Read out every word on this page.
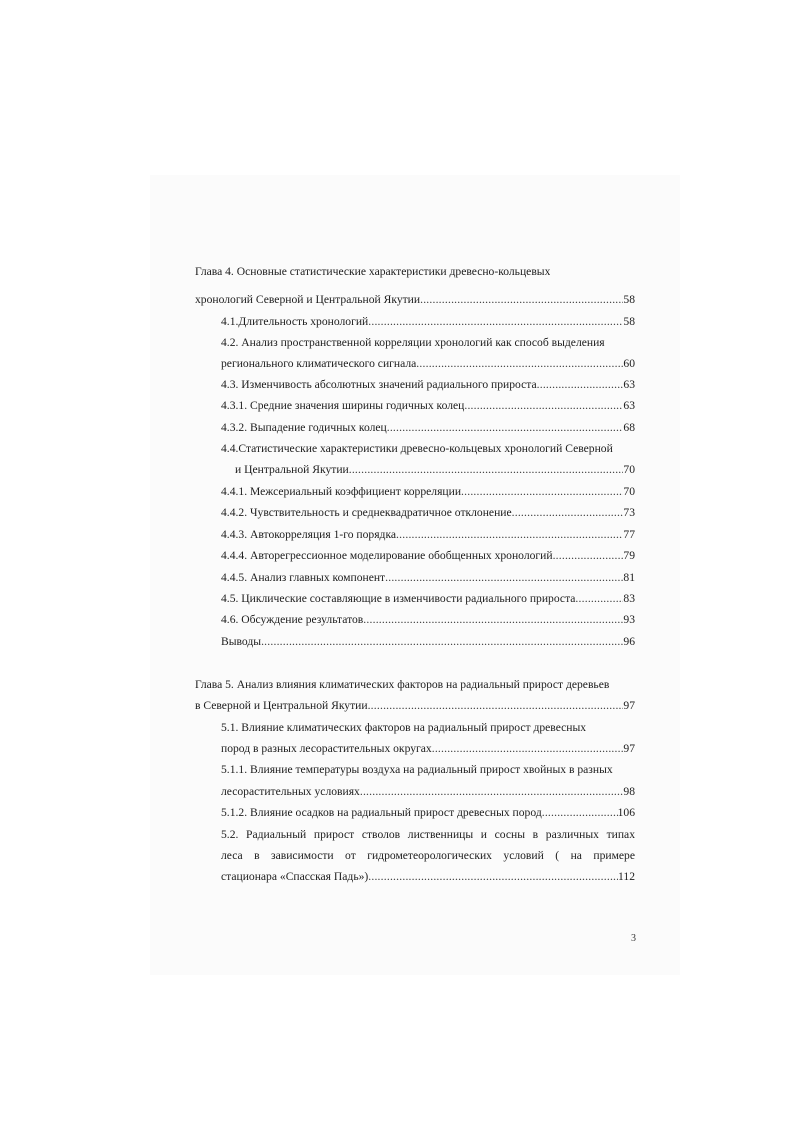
Глава 4. Основные статистические характеристики древесно-кольцевых
хронологий Северной и Центральной Якутии .....	58
4.1.Длительность хронологий .....	58
4.2. Анализ пространственной корреляции хронологий как способ выделения
регионального климатического сигнала .....	60
4.3. Изменчивость абсолютных значений радиального прироста .....	63
4.3.1. Средние значения ширины годичных колец .....	63
4.3.2. Выпадение годичных колец .....	68
4.4.Статистические характеристики древесно-кольцевых хронологий Северной
и Центральной Якутии .....	70
4.4.1. Межсериальный коэффициент корреляции .....	70
4.4.2. Чувствительность и среднеквадратичное отклонение .....	73
4.4.3. Автокорреляция 1-го порядка .....	77
4.4.4. Авторегрессионное моделирование обобщенных хронологий .....	79
4.4.5. Анализ главных компонент .....	81
4.5. Циклические составляющие в изменчивости радиального прироста .....	83
4.6. Обсуждение результатов .....	93
Выводы .....	96
Глава 5. Анализ влияния климатических факторов на радиальный прирост деревьев
в Северной и Центральной Якутии .....	97
5.1. Влияние климатических факторов на радиальный прирост древесных
пород в разных лесорастительных округах .....	97
5.1.1. Влияние температуры воздуха на радиальный прирост хвойных в разных
лесорастительных условиях .....	98
5.1.2. Влияние осадков на радиальный прирост древесных пород .....	106
5.2. Радиальный прирост стволов лиственницы и сосны в различных типах
леса в зависимости от гидрометеорологических условий ( на примере
стационара «Спасская Падь») .....	112
3
